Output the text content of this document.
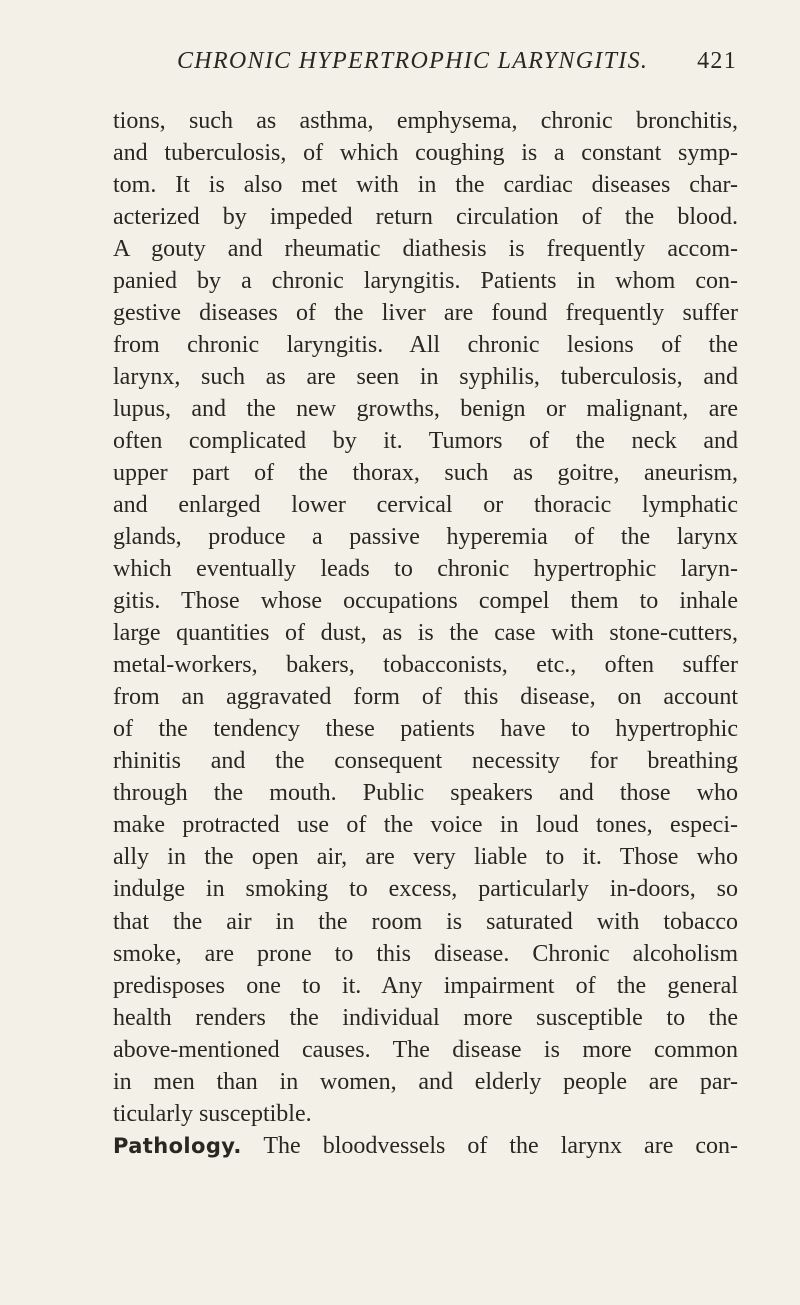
CHRONIC HYPERTROPHIC LARYNGITIS. 421
tions, such as asthma, emphysema, chronic bronchitis,
and tuberculosis, of which coughing is a constant symp-
tom. It is also met with in the cardiac diseases char-
acterized by impeded return circulation of the blood.
A gouty and rheumatic diathesis is frequently accom-
panied by a chronic laryngitis. Patients in whom con-
gestive diseases of the liver are found frequently suffer
from chronic laryngitis. All chronic lesions of the
larynx, such as are seen in syphilis, tuberculosis, and
lupus, and the new growths, benign or malignant, are
often complicated by it. Tumors of the neck and
upper part of the thorax, such as goitre, aneurism,
and enlarged lower cervical or thoracic lymphatic
glands, produce a passive hyperemia of the larynx
which eventually leads to chronic hypertrophic laryn-
gitis. Those whose occupations compel them to inhale
large quantities of dust, as is the case with stone-cutters,
metal-workers, bakers, tobacconists, etc., often suffer
from an aggravated form of this disease, on account
of the tendency these patients have to hypertrophic
rhinitis and the consequent necessity for breathing
through the mouth. Public speakers and those who
make protracted use of the voice in loud tones, especi-
ally in the open air, are very liable to it. Those who
indulge in smoking to excess, particularly in-doors, so
that the air in the room is saturated with tobacco
smoke, are prone to this disease. Chronic alcoholism
predisposes one to it. Any impairment of the general
health renders the individual more susceptible to the
above-mentioned causes. The disease is more common
in men than in women, and elderly people are par-
ticularly susceptible.
Pathology. The bloodvessels of the larynx are con-
